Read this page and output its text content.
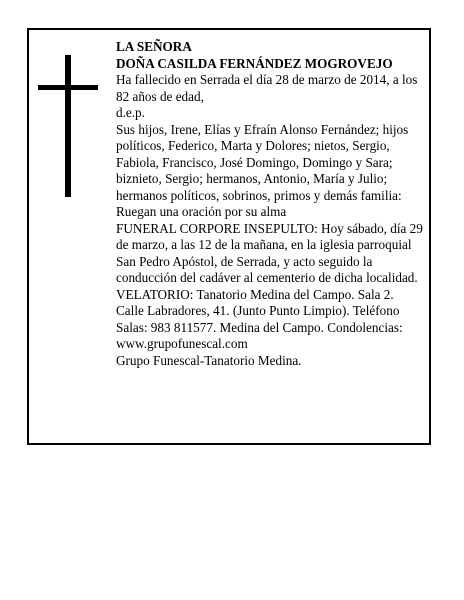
LA SEÑORA

DOÑA CASILDA FERNÁNDEZ MOGROVEJO

Ha fallecido en Serrada el día 28 de marzo de 2014, a los 82 años de edad,

d.e.p.

Sus hijos, Irene, Elías y Efraín Alonso Fernández; hijos políticos, Federico, Marta y Dolores; nietos, Sergio, Fabiola, Francisco, José Domingo, Domingo y Sara; biznieto, Sergio; hermanos, Antonio, María y Julio; hermanos políticos, sobrinos, primos y demás familia:

Ruegan una oración por su alma

FUNERAL CORPORE INSEPULTO: Hoy sábado, día 29 de marzo, a las 12 de la mañana, en la iglesia parroquial San Pedro Apóstol, de Serrada, y acto seguido la conducción del cadáver al cementerio de dicha localidad.

VELATORIO: Tanatorio Medina del Campo. Sala 2. Calle Labradores, 41. (Junto Punto Limpio). Teléfono Salas: 983 811577. Medina del Campo. Condolencias: www.grupofunescal.com

Grupo Funescal-Tanatorio Medina.
